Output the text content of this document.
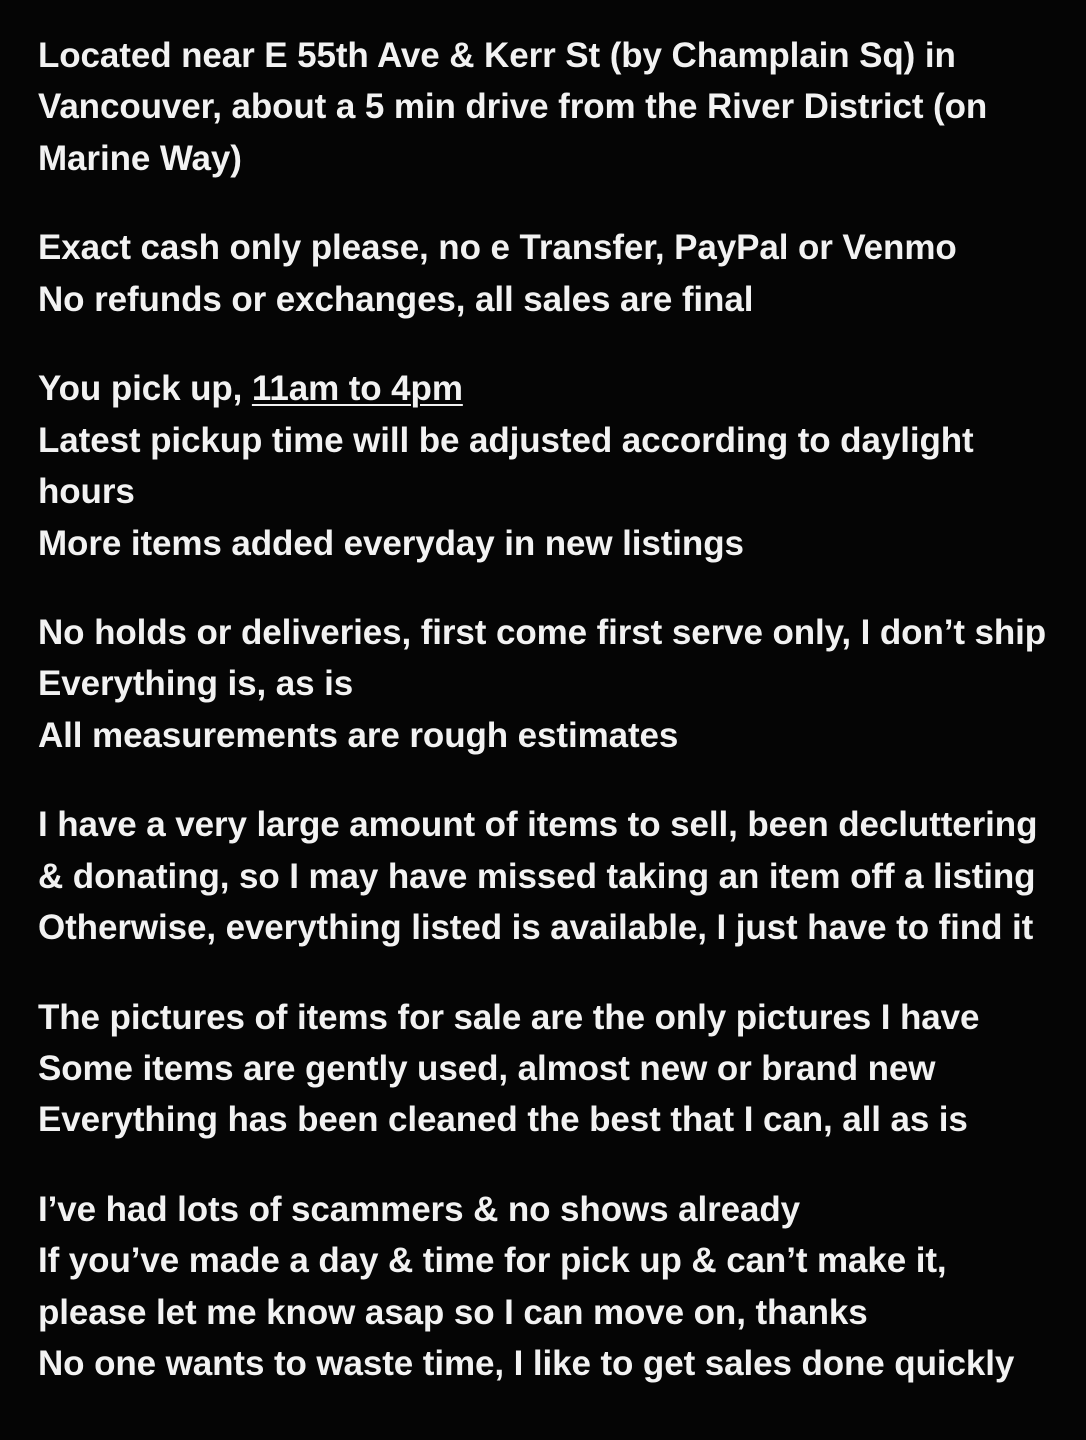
Located near E 55th Ave & Kerr St (by Champlain Sq) in Vancouver, about a 5 min drive from the River District (on Marine Way)
Exact cash only please, no e Transfer, PayPal or Venmo
No refunds or exchanges, all sales are final
You pick up, 11am to 4pm
Latest pickup time will be adjusted according to daylight hours
More items added everyday in new listings
No holds or deliveries, first come first serve only, I don’t ship
Everything is, as is
All measurements are rough estimates
I have a very large amount of items to sell, been decluttering & donating, so I may have missed taking an item off a listing
Otherwise, everything listed is available, I just have to find it
The pictures of items for sale are the only pictures I have
Some items are gently used, almost new or brand new
Everything has been cleaned the best that I can, all as is
I’ve had lots of scammers & no shows already
If you’ve made a day & time for pick up & can’t make it, please let me know asap so I can move on, thanks
No one wants to waste time, I like to get sales done quickly
